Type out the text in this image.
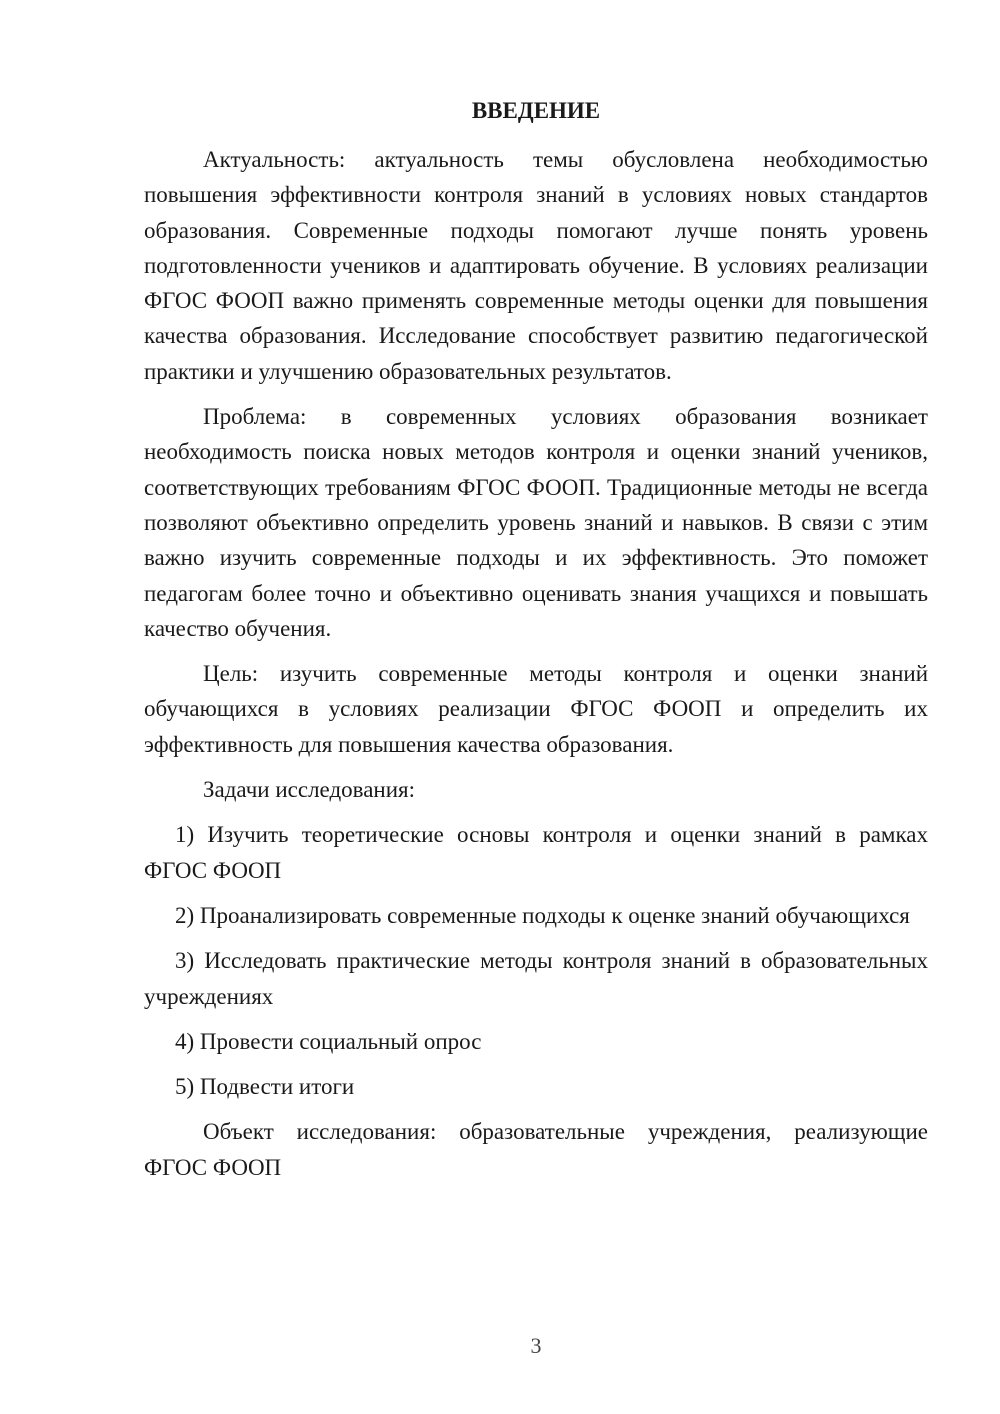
ВВЕДЕНИЕ

Актуальность: актуальность темы обусловлена необходимостью повышения эффективности контроля знаний в условиях новых стандартов образования. Современные подходы помогают лучше понять уровень подготовленности учеников и адаптировать обучение. В условиях реализации ФГОС ФООП важно применять современные методы оценки для повышения качества образования. Исследование способствует развитию педагогической практики и улучшению образовательных результатов.

Проблема: в современных условиях образования возникает необходимость поиска новых методов контроля и оценки знаний учеников, соответствующих требованиям ФГОС ФООП. Традиционные методы не всегда позволяют объективно определить уровень знаний и навыков. В связи с этим важно изучить современные подходы и их эффективность. Это поможет педагогам более точно и объективно оценивать знания учащихся и повышать качество обучения.

Цель: изучить современные методы контроля и оценки знаний обучающихся в условиях реализации ФГОС ФООП и определить их эффективность для повышения качества образования.

Задачи исследования:

1) Изучить теоретические основы контроля и оценки знаний в рамках ФГОС ФООП

2) Проанализировать современные подходы к оценке знаний обучающихся

3) Исследовать практические методы контроля знаний в образовательных учреждениях

4) Провести социальный опрос

5) Подвести итоги

Объект исследования: образовательные учреждения, реализующие ФГОС ФООП

3
